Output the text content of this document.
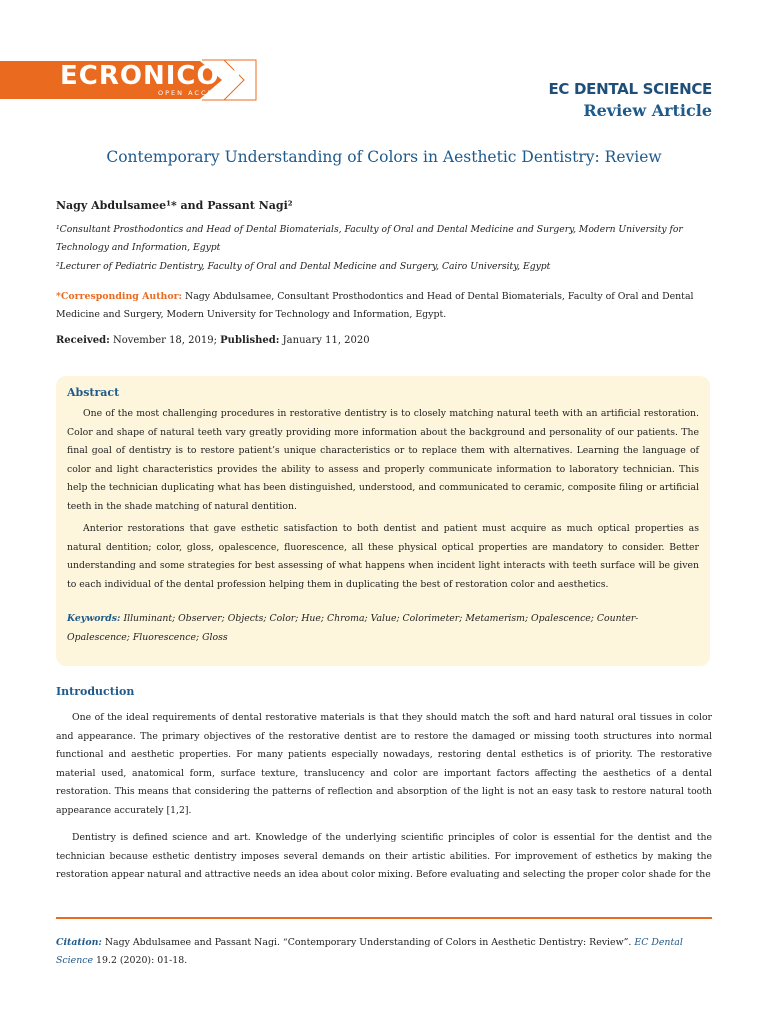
ECRONICON
OPEN ACCESS	EC DENTAL SCIENCE
Review Article
Contemporary Understanding of Colors in Aesthetic Dentistry: Review
Nagy Abdulsamee¹* and Passant Nagi²
¹Consultant Prosthodontics and Head of Dental Biomaterials, Faculty of Oral and Dental Medicine and Surgery, Modern University for Technology and Information, Egypt
²Lecturer of Pediatric Dentistry, Faculty of Oral and Dental Medicine and Surgery, Cairo University, Egypt
*Corresponding Author: Nagy Abdulsamee, Consultant Prosthodontics and Head of Dental Biomaterials, Faculty of Oral and Dental Medicine and Surgery, Modern University for Technology and Information, Egypt.
Received: November 18, 2019; Published: January 11, 2020
Abstract
One of the most challenging procedures in restorative dentistry is to closely matching natural teeth with an artificial restoration. Color and shape of natural teeth vary greatly providing more information about the background and personality of our patients. The final goal of dentistry is to restore patient’s unique characteristics or to replace them with alternatives. Learning the language of color and light characteristics provides the ability to assess and properly communicate information to laboratory technician. This help the technician duplicating what has been distinguished, understood, and communicated to ceramic, composite filing or artificial teeth in the shade matching of natural dentition.
Anterior restorations that gave esthetic satisfaction to both dentist and patient must acquire as much optical properties as natural dentition; color, gloss, opalescence, fluorescence, all these physical optical properties are mandatory to consider. Better understanding and some strategies for best assessing of what happens when incident light interacts with teeth surface will be given to each individual of the dental profession helping them in duplicating the best of restoration color and aesthetics.
Keywords: Illuminant; Observer; Objects; Color; Hue; Chroma; Value; Colorimeter; Metamerism; Opalescence; Counter-Opalescence; Fluorescence; Gloss
Introduction
One of the ideal requirements of dental restorative materials is that they should match the soft and hard natural oral tissues in color and appearance. The primary objectives of the restorative dentist are to restore the damaged or missing tooth structures into normal functional and aesthetic properties. For many patients especially nowadays, restoring dental esthetics is of priority. The restorative material used, anatomical form, surface texture, translucency and color are important factors affecting the aesthetics of a dental restoration. This means that considering the patterns of reflection and absorption of the light is not an easy task to restore natural tooth appearance accurately [1,2].
Dentistry is defined science and art. Knowledge of the underlying scientific principles of color is essential for the dentist and the technician because esthetic dentistry imposes several demands on their artistic abilities. For improvement of esthetics by making the restoration appear natural and attractive needs an idea about color mixing. Before evaluating and selecting the proper color shade for the
Citation: Nagy Abdulsamee and Passant Nagi. “Contemporary Understanding of Colors in Aesthetic Dentistry: Review”. EC Dental Science 19.2 (2020): 01-18.
